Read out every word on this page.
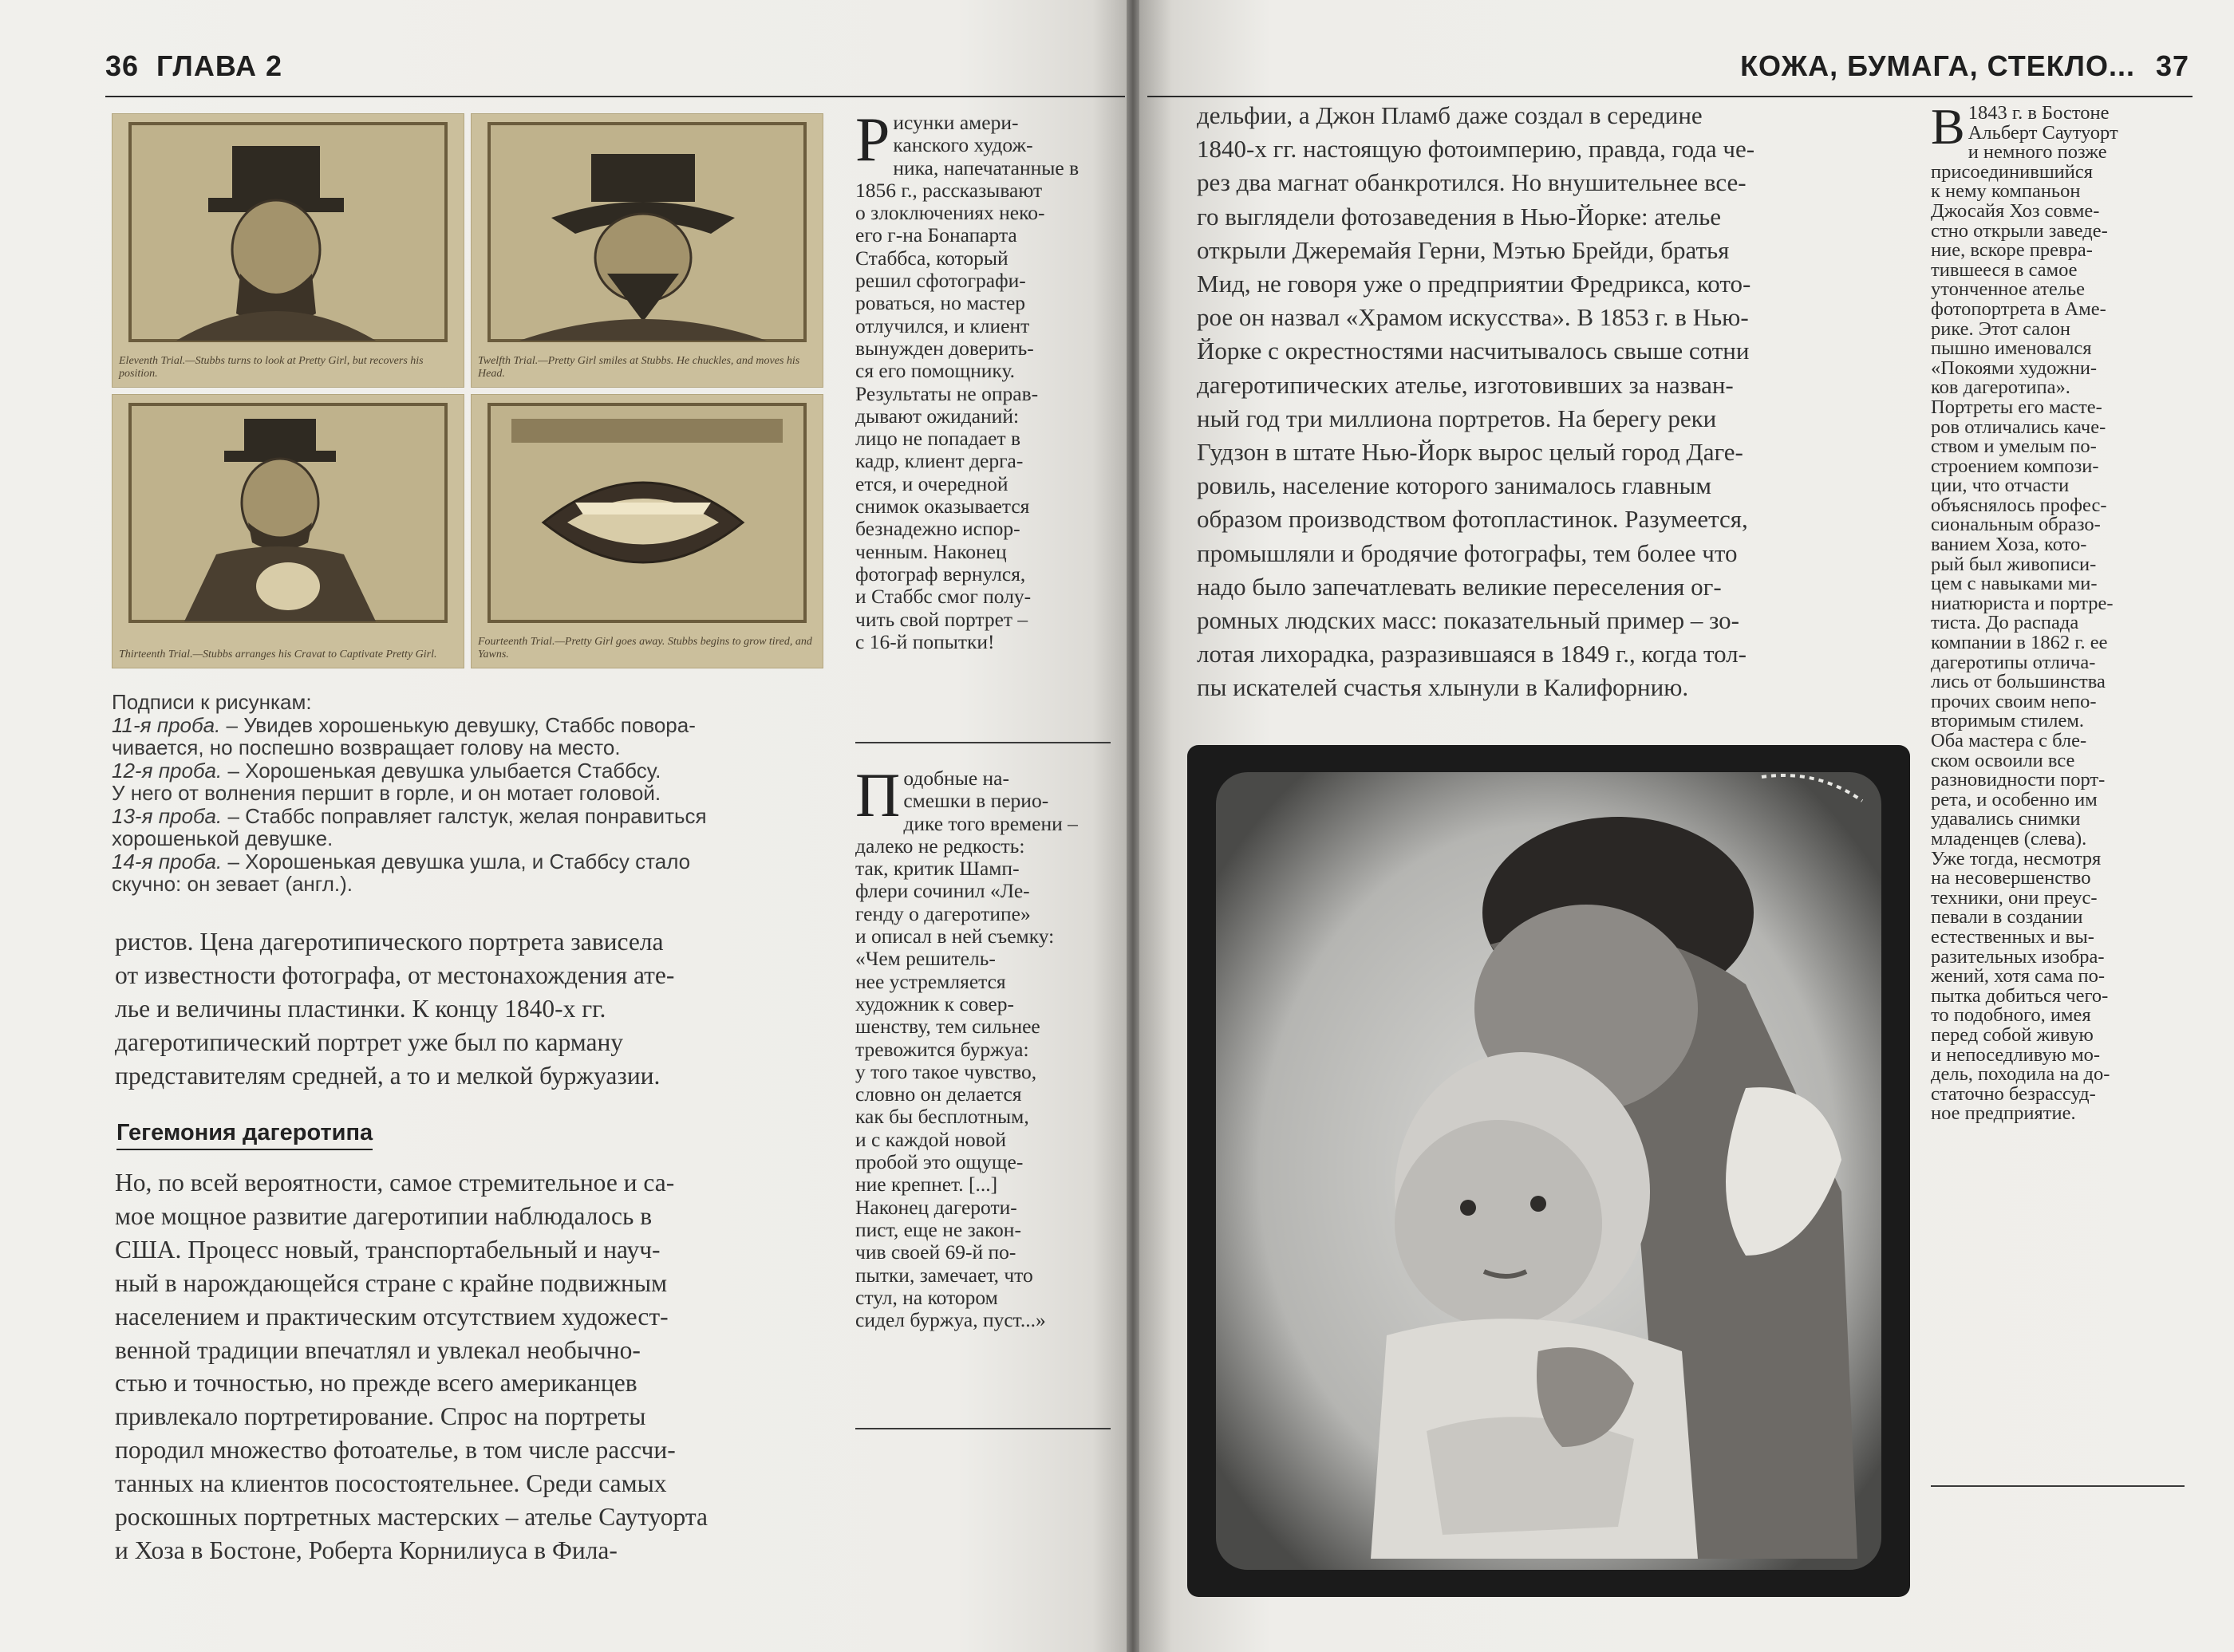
36 ГЛАВА 2
Eleventh Trial.—Stubbs turns to look at Pretty Girl, but recovers his position.
Twelfth Trial.—Pretty Girl smiles at Stubbs. He chuckles, and moves his Head.
Thirteenth Trial.—Stubbs arranges his Cravat to Captivate Pretty Girl.
Fourteenth Trial.—Pretty Girl goes away. Stubbs begins to grow tired, and Yawns.
Подписи к рисункам:
11-я проба. – Увидев хорошенькую девушку, Стаббс повора-
чивается, но поспешно возвращает голову на место.
12-я проба. – Хорошенькая девушка улыбается Стаббсу.
У него от волнения першит в горле, и он мотает головой.
13-я проба. – Стаббс поправляет галстук, желая понравиться
хорошенькой девушке.
14-я проба. – Хорошенькая девушка ушла, и Стаббсу стало
скучно: он зевает (англ.).
Р исунки амери-
канского худож-
ника, напечатанные в
1856 г., рассказывают
о злоключениях неко-
его г-на Бонапарта
Стаббса, который
решил сфотографи-
роваться, но мастер
отлучился, и клиент
вынужден доверить-
ся его помощнику.
Результаты не оправ-
дывают ожиданий:
лицо не попадает в
кадр, клиент дерга-
ется, и очередной
снимок оказывается
безнадежно испор-
ченным. Наконец
фотограф вернулся,
и Стаббс смог полу-
чить свой портрет –
с 16-й попытки!
П одобные на-
смешки в перио-
дике того времени –
далеко не редкость:
так, критик Шамп-
флери сочинил «Ле-
генду о дагеротипе»
и описал в ней съемку:
«Чем решитель-
нее устремляется
художник к совер-
шенству, тем сильнее
тревожится буржуа:
у того такое чувство,
словно он делается
как бы бесплотным,
и с каждой новой
пробой это ощуще-
ние крепнет. [...]
Наконец дагероти-
пист, еще не закон-
чив своей 69-й по-
пытки, замечает, что
стул, на котором
сидел буржуа, пуст...»
ристов. Цена дагеротипического портрета зависела
от известности фотографа, от местонахождения ате-
лье и величины пластинки. К концу 1840-х гг.
дагеротипический портрет уже был по карману
представителям средней, а то и мелкой буржуазии.
Гегемония дагеротипа
Но, по всей вероятности, самое стремительное и са-
мое мощное развитие дагеротипии наблюдалось в
США. Процесс новый, транспортабельный и науч-
ный в нарождающейся стране с крайне подвижным
населением и практическим отсутствием художест-
венной традиции впечатлял и увлекал необычно-
стью и точностью, но прежде всего американцев
привлекало портретирование. Спрос на портреты
породил множество фотоателье, в том числе рассчи-
танных на клиентов посостоятельнее. Среди самых
роскошных портретных мастерских – ателье Саутуорта
и Хоза в Бостоне, Роберта Корнилиуса в Фила-
КОЖА, БУМАГА, СТЕКЛО... 37
дельфии, а Джон Пламб даже создал в середине
1840-х гг. настоящую фотоимперию, правда, года че-
рез два магнат обанкротился. Но внушительнее все-
го выглядели фотозаведения в Нью-Йорке: ателье
открыли Джеремайя Герни, Мэтью Брейди, братья
Мид, не говоря уже о предприятии Фредрикса, кото-
рое он назвал «Храмом искусства». В 1853 г. в Нью-
Йорке с окрестностями насчитывалось свыше сотни
дагеротипических ателье, изготовивших за назван-
ный год три миллиона портретов. На берегу реки
Гудзон в штате Нью-Йорк вырос целый город Даге-
ровиль, население которого занималось главным
образом производством фотопластинок. Разумеется,
промышляли и бродячие фотографы, тем более что
надо было запечатлевать великие переселения ог-
ромных людских масс: показательный пример – зо-
лотая лихорадка, разразившаяся в 1849 г., когда тол-
пы искателей счастья хлынули в Калифорнию.
В 1843 г. в Бостоне
Альберт Саутуорт
и немного позже
присоединившийся
к нему компаньон
Джосайя Хоз совме-
стно открыли заведе-
ние, вскоре превра-
тившееся в самое
утонченное ателье
фотопортрета в Аме-
рике. Этот салон
пышно именовался
«Покоями художни-
ков дагеротипа».
Портреты его масте-
ров отличались каче-
ством и умелым по-
строением компози-
ции, что отчасти
объяснялось профес-
сиональным образо-
ванием Хоза, кото-
рый был живописи-
цем с навыками ми-
ниатюриста и портре-
тиста. До распада
компании в 1862 г. ее
дагеротипы отлича-
лись от большинства
прочих своим непо-
вторимым стилем.
Оба мастера с бле-
ском освоили все
разновидности порт-
рета, и особенно им
удавались снимки
младенцев (слева).
Уже тогда, несмотря
на несовершенство
техники, они преус-
певали в создании
естественных и вы-
разительных изобра-
жений, хотя сама по-
пытка добиться чего-
то подобного, имея
перед собой живую
и непоседливую мо-
дель, походила на до-
статочно безрассуд-
ное предприятие.
